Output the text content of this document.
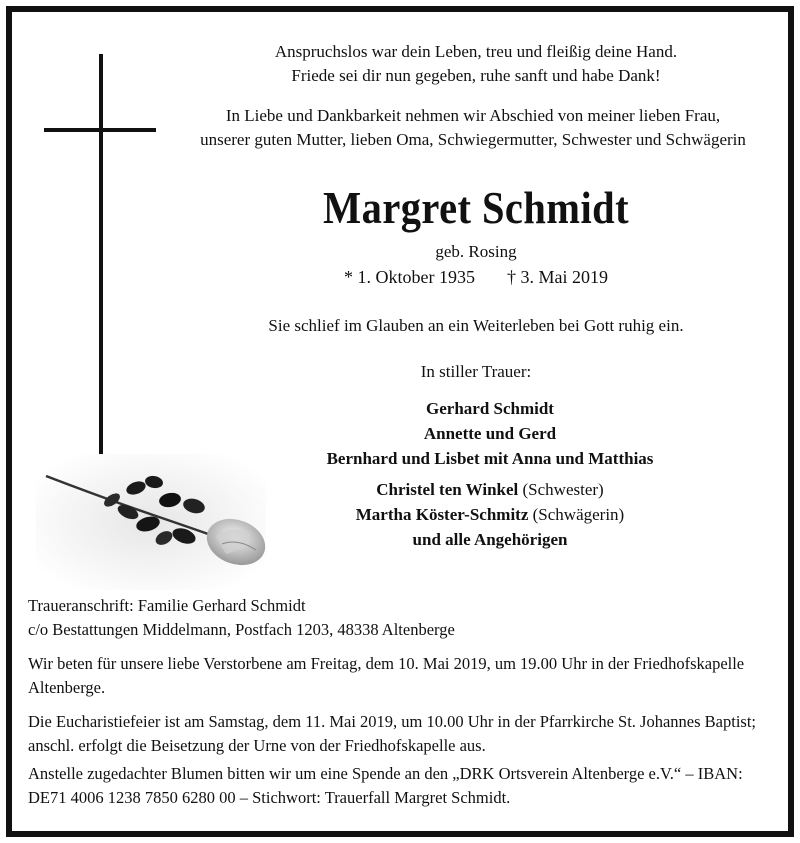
Anspruchslos war dein Leben, treu und fleißig deine Hand.
Friede sei dir nun gegeben, ruhe sanft und habe Dank!
In Liebe und Dankbarkeit nehmen wir Abschied von meiner lieben Frau,
unserer guten Mutter, lieben Oma, Schwiegermutter, Schwester und Schwägerin
Margret Schmidt
geb. Rosing
* 1. Oktober 1935 † 3. Mai 2019
Sie schlief im Glauben an ein Weiterleben bei Gott ruhig ein.
In stiller Trauer:
Gerhard Schmidt
Annette und Gerd
Bernhard und Lisbet mit Anna und Matthias
Christel ten Winkel (Schwester)
Martha Köster-Schmitz (Schwägerin)
und alle Angehörigen

Traueranschrift: Familie Gerhard Schmidt

c/o Bestattungen Middelmann, Postfach 1203, 48338 Altenberge

Wir beten für unsere liebe Verstorbene am Freitag, dem 10. Mai 2019, um 19.00 Uhr in der Friedhofskapelle Altenberge.

Die Eucharistiefeier ist am Samstag, dem 11. Mai 2019, um 10.00 Uhr in der Pfarrkirche St. Johannes Baptist; anschl. erfolgt die Beisetzung der Urne von der Friedhofskapelle aus.

Anstelle zugedachter Blumen bitten wir um eine Spende an den „DRK Ortsverein Altenberge e.V.“ – IBAN: DE71 4006 1238 7850 6280 00 – Stichwort: Trauerfall Margret Schmidt.
